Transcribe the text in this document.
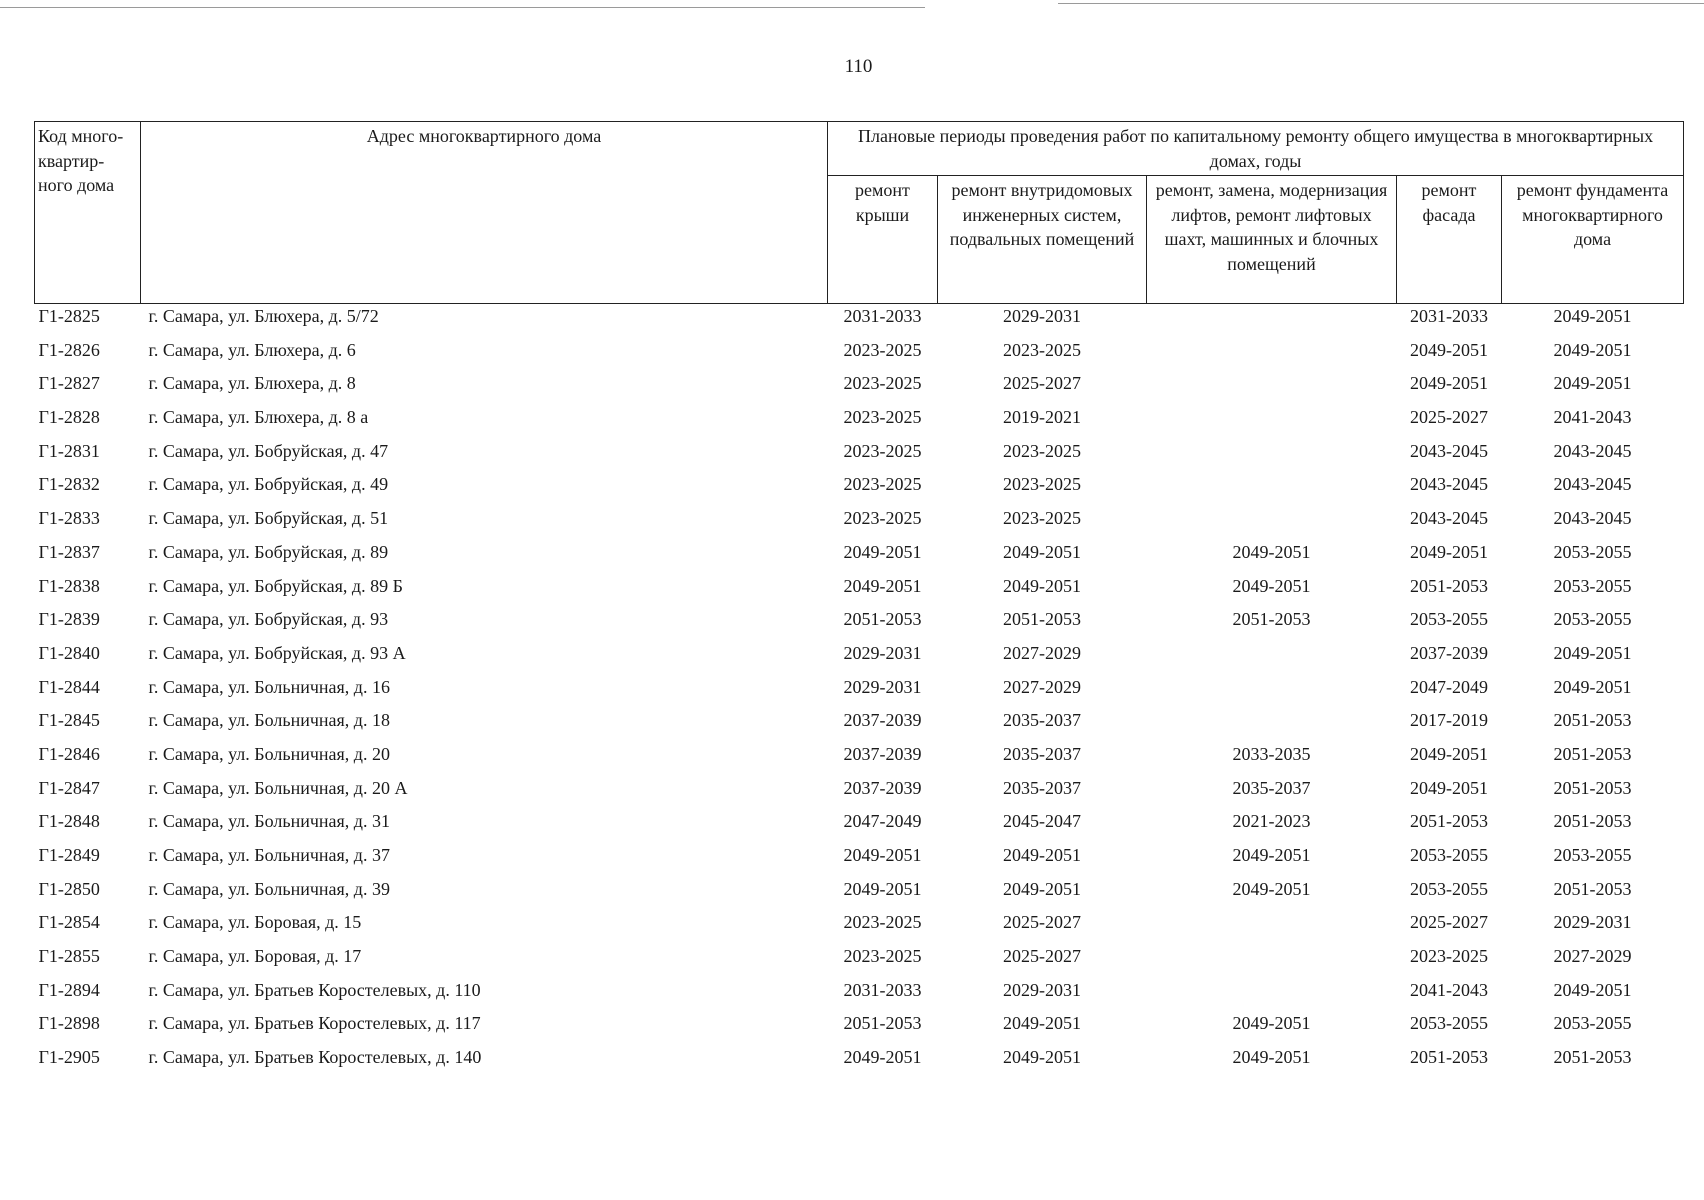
110
Код много-квартир-ного дома	Адрес многоквартирного дома	Плановые периоды проведения работ по капитальному ремонту общего имущества в многоквартирных домах, годы				
		ремонт крыши	ремонт внутридомовых инженерных систем, подвальных помещений	ремонт, замена, модернизация лифтов, ремонт лифтовых шахт, машинных и блочных помещений	ремонт фасада	ремонт фундамента многоквартирного дома
Г1-2825	г. Самара, ул. Блюхера, д. 5/72	2031-2033	2029-2031		2031-2033	2049-2051
Г1-2826	г. Самара, ул. Блюхера, д. 6	2023-2025	2023-2025		2049-2051	2049-2051
Г1-2827	г. Самара, ул. Блюхера, д. 8	2023-2025	2025-2027		2049-2051	2049-2051
Г1-2828	г. Самара, ул. Блюхера, д. 8 а	2023-2025	2019-2021		2025-2027	2041-2043
Г1-2831	г. Самара, ул. Бобруйская, д. 47	2023-2025	2023-2025		2043-2045	2043-2045
Г1-2832	г. Самара, ул. Бобруйская, д. 49	2023-2025	2023-2025		2043-2045	2043-2045
Г1-2833	г. Самара, ул. Бобруйская, д. 51	2023-2025	2023-2025		2043-2045	2043-2045
Г1-2837	г. Самара, ул. Бобруйская, д. 89	2049-2051	2049-2051	2049-2051	2049-2051	2053-2055
Г1-2838	г. Самара, ул. Бобруйская, д. 89 Б	2049-2051	2049-2051	2049-2051	2051-2053	2053-2055
Г1-2839	г. Самара, ул. Бобруйская, д. 93	2051-2053	2051-2053	2051-2053	2053-2055	2053-2055
Г1-2840	г. Самара, ул. Бобруйская, д. 93 А	2029-2031	2027-2029		2037-2039	2049-2051
Г1-2844	г. Самара, ул. Больничная, д. 16	2029-2031	2027-2029		2047-2049	2049-2051
Г1-2845	г. Самара, ул. Больничная, д. 18	2037-2039	2035-2037		2017-2019	2051-2053
Г1-2846	г. Самара, ул. Больничная, д. 20	2037-2039	2035-2037	2033-2035	2049-2051	2051-2053
Г1-2847	г. Самара, ул. Больничная, д. 20 А	2037-2039	2035-2037	2035-2037	2049-2051	2051-2053
Г1-2848	г. Самара, ул. Больничная, д. 31	2047-2049	2045-2047	2021-2023	2051-2053	2051-2053
Г1-2849	г. Самара, ул. Больничная, д. 37	2049-2051	2049-2051	2049-2051	2053-2055	2053-2055
Г1-2850	г. Самара, ул. Больничная, д. 39	2049-2051	2049-2051	2049-2051	2053-2055	2051-2053
Г1-2854	г. Самара, ул. Боровая, д. 15	2023-2025	2025-2027		2025-2027	2029-2031
Г1-2855	г. Самара, ул. Боровая, д. 17	2023-2025	2025-2027		2023-2025	2027-2029
Г1-2894	г. Самара, ул. Братьев Коростелевых, д. 110	2031-2033	2029-2031		2041-2043	2049-2051
Г1-2898	г. Самара, ул. Братьев Коростелевых, д. 117	2051-2053	2049-2051	2049-2051	2053-2055	2053-2055
Г1-2905	г. Самара, ул. Братьев Коростелевых, д. 140	2049-2051	2049-2051	2049-2051	2051-2053	2051-2053
